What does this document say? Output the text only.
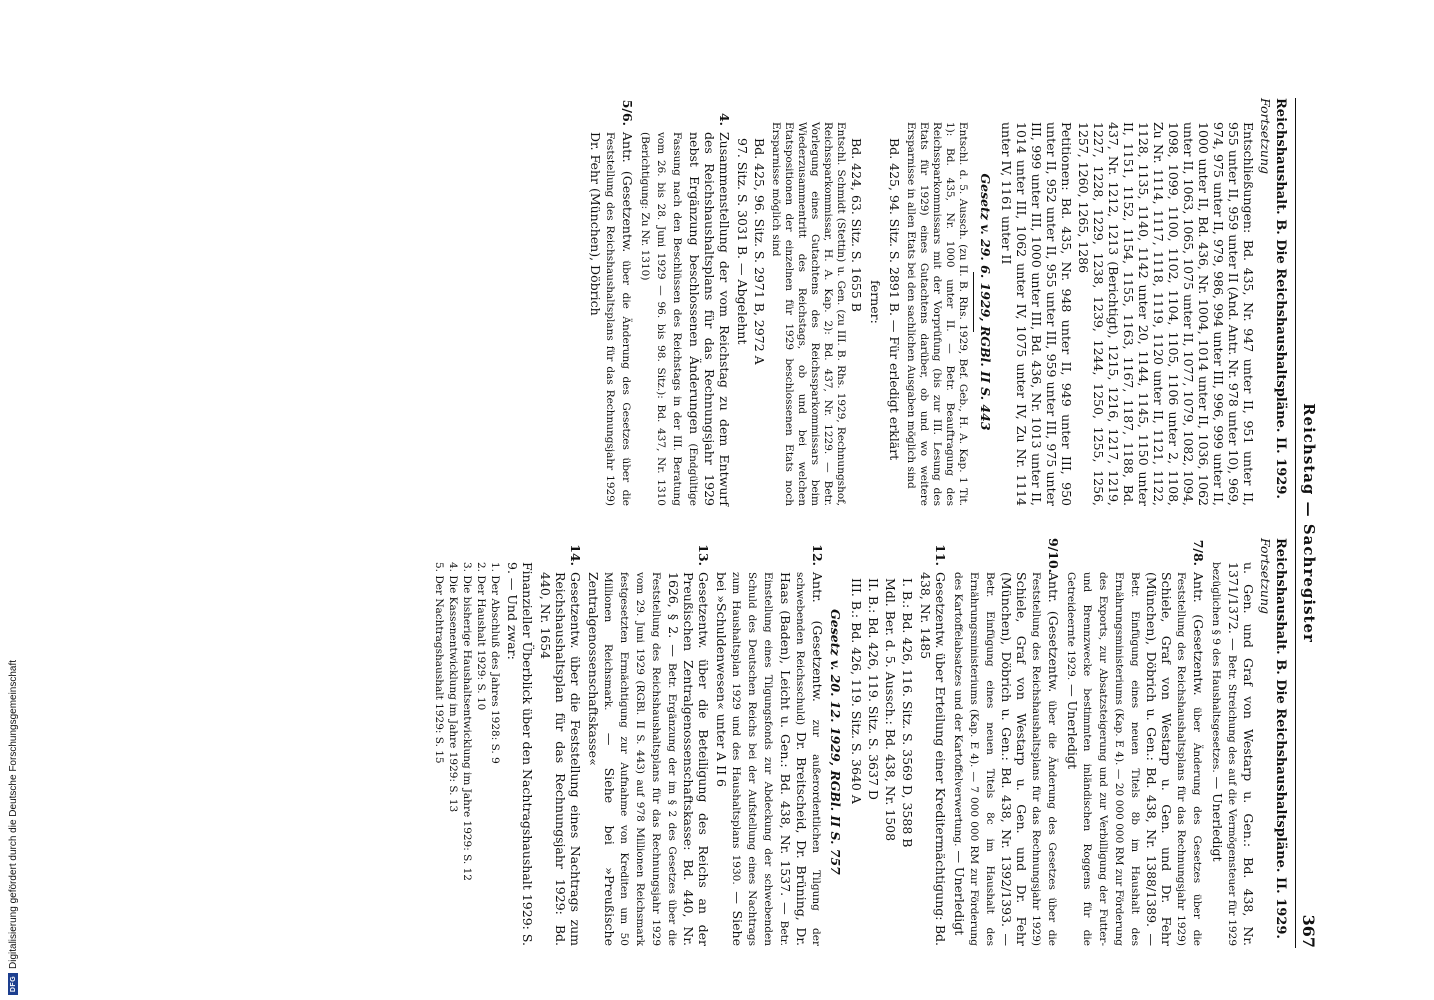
DFG
Digitalisierung gefördert durch die Deutsche Forschungsgemeinschaft
Reichstag — Sachregister
367

Reichshaushalt. B. Die Reichshaushaltspläne. II. 1929.

Fortsetzung

Entschließungen: Bd. 435, Nr. 947 unter II, 951 unter II, 955 unter II, 959 unter II (And. Antr. Nr. 978 unter 10), 969, 974, 975 unter II, 979, 986, 994 unter III, 996, 999 unter II, 1000 unter II, Bd. 436, Nr. 1004, 1014 unter II, 1036, 1062 unter II, 1063, 1065, 1075 unter II, 1077, 1079, 1082, 1094, 1098, 1099, 1100, 1102, 1104, 1105, 1106 unter 2, 1108, Zu Nr. 1114, 1117, 1118, 1119, 1120 unter II, 1121, 1122, 1128, 1135, 1140, 1142 unter 20, 1144, 1145, 1150 unter II, 1151, 1152, 1154, 1155, 1163, 1167, 1187, 1188, Bd. 437, Nr. 1212, 1213 (Berichtigt), 1215, 1216, 1217, 1219, 1227, 1228, 1229, 1238, 1239, 1244, 1250, 1255, 1256, 1257, 1260, 1265, 1286
Petitionen: Bd. 435, Nr. 948 unter II, 949 unter III, 950 unter II, 952 unter II, 955 unter III, 959 unter III, 975 unter III, 999 unter III, 1000 unter III, Bd. 436, Nr. 1013 unter II, 1014 unter III, 1062 unter IV, 1075 unter IV, Zu Nr. 1114 unter IV, 1161 unter II
Gesetz v. 29. 6. 1929, RGBl. II S. 443
Entschl. d. 5. Aussch. (zu II. B. Rhs. 1929, Bef. Geb., H. A. Kap. 1 Tit. 1): Bd. 435, Nr. 1000 unter II. — Betr. Beauftragung des Reichssparkommissars mit der Vorprüfung (bis zur III. Lesung des Etats für 1929) eines Gutachtens darüber, ob und wo weitere Ersparnisse in allen Etats bei den sachlichen Ausgaben möglich sind
Bd. 425, 94. Sitz. S. 2891 B. — Für erledigt erklärt
ferner:
Bd. 424, 63. Sitz. S. 1655 B
Entschl. Schmidt (Stettin) u. Gen. (zu III. B. Rhs. 1929, Rechnungshof, Reichssparkommissar, H. A. Kap. 2): Bd. 437, Nr. 1229. — Betr. Vorlegung eines Gutachtens des Reichssparkommissars beim Wiederzusammentritt des Reichstags, ob und bei welchen Etatspositionen der einzelnen für 1929 beschlossenen Etats noch Ersparnisse möglich sind
Bd. 425, 96. Sitz. S. 2971 B, 2972 A
97. Sitz. S. 3031 B. — Abgelehnt
4.
Zusammenstellung der vom Reichstag zu dem Entwurf des Reichshaushaltsplans für das Rechnungsjahr 1929 nebst Ergänzung beschlossenen Änderungen (Endgültige Fassung nach den Beschlüssen des Reichstags in der III. Beratung vom 26. bis 28. Juni 1929 — 96. bis 98. Sitz.): Bd. 437, Nr. 1310 (Berichtigung: Zu Nr. 1310)
5/6.
Antr. (Gesetzentw. über die Änderung des Gesetzes über die Feststellung des Reichshaushaltsplans für das Rechnungsjahr 1929) Dr. Fehr (München), Döbrich

Reichshaushalt. B. Die Reichshaushaltspläne. II. 1929.

Fortsetzung

u. Gen. und Graf von Westarp u. Gen.: Bd. 438, Nr. 1371/1372. — Betr. Streichung des auf die Vermögensteuer für 1929 bezüglichen § 9 des Haushaltsgesetzes. — Unerledigt
7/8.
Antr. (Gesetzentw. über Änderung des Gesetzes über die Feststellung des Reichshaushaltsplans für das Rechnungsjahr 1929) Schiele, Graf von Westarp u. Gen. und Dr. Fehr (München), Döbrich u. Gen.: Bd. 438, Nr. 1388/1389. — Betr. Einfügung eines neuen Titels 8b im Haushalt des Ernährungsministeriums (Kap. E 4). — 20 000 000 RM zur Förderung des Exports, zur Absatzsteigerung und zur Verbilligung der Futter- und Brennzwecke bestimmten inländischen Roggens für die Getreideernte 1929. — Unerledigt
9/10.
Antr. (Gesetzentw. über die Änderung des Gesetzes über die Feststellung des Reichshaushaltsplans für das Rechnungsjahr 1929) Schiele, Graf von Westarp u. Gen. und Dr. Fehr (München), Döbrich u. Gen.: Bd. 438, Nr. 1392/1393. — Betr. Einfügung eines neuen Titels 8c im Haushalt des Ernährungsministeriums (Kap. E 4). — 7 000 000 RM zur Förderung des Kartoffelabsatzes und der Kartoffelverwertung. — Unerledigt
11.
Gesetzentw. über Erteilung einer Kreditermächtigung: Bd. 438, Nr. 1485
I. B.: Bd. 426, 116. Sitz. S. 3569 D, 3588 B
Mdl. Ber. d. 5. Aussch.: Bd. 438, Nr. 1508
II. B.: Bd. 426, 119. Sitz. S. 3637 D
III. B.: Bd. 426, 119. Sitz. S. 3640 A
Gesetz v. 20. 12. 1929, RGBl. II S. 757
12.
Antr. (Gesetzentw. zur außerordentlichen Tilgung der schwebenden Reichsschuld) Dr. Breitscheid, Dr. Brüning, Dr. Haas (Baden), Leicht u. Gen.: Bd. 438, Nr. 1537. — Betr. Einstellung eines Tilgungsfonds zur Abdeckung der schwebenden Schuld des Deutschen Reichs bei der Aufstellung eines Nachtrags zum Haushaltsplan 1929 und des Haushaltsplans 1930. — Siehe bei »Schuldenwesen« unter A II 6
13.
Gesetzentw. über die Beteiligung des Reichs an der Preußischen Zentralgenossenschaftskasse: Bd. 440, Nr. 1626, § 2. — Betr. Ergänzung der im § 2 des Gesetzes über die Feststellung des Reichshaushaltsplans für das Rechnungsjahr 1929 vom 29. Juni 1929 (RGBl. II S. 443) auf 978 Millionen Reichsmark festgesetzten Ermächtigung zur Aufnahme von Krediten um 50 Millionen Reichsmark. — Siehe bei »Preußische Zentralgenossenschaftskasse«
14.
Gesetzentw. über die Feststellung eines Nachtrags zum Reichshaushaltsplan für das Rechnungsjahr 1929: Bd. 440, Nr. 1654
Finanzieller Überblick über den Nachtragshaushalt 1929: S. 9. — Und zwar:
1. Der Abschluß des Jahres 1928: S. 9
2. Der Haushalt 1929: S. 10
3. Die bisherige Haushaltsentwicklung im Jahre 1929: S. 12
4. Die Kassenentwicklung im Jahre 1929: S. 13
5. Der Nachtragshaushalt 1929: S. 15
